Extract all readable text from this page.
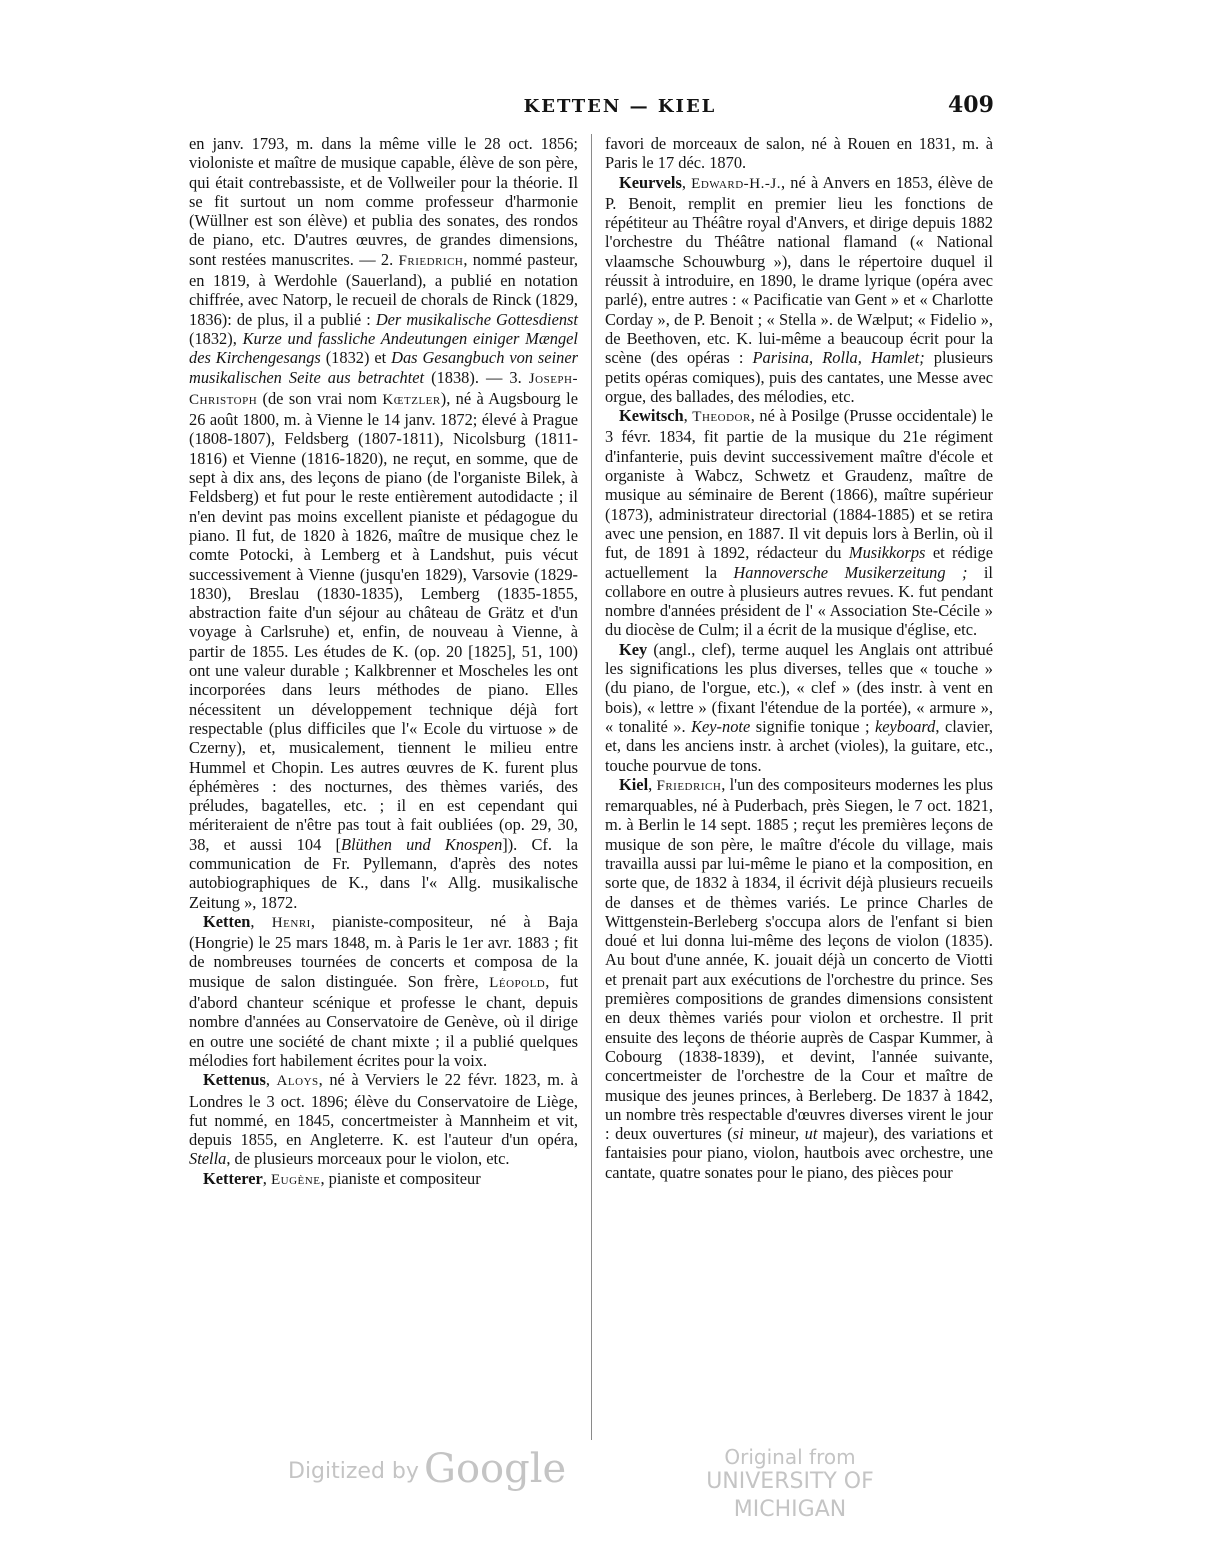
KETTEN — KIEL	409

en janv. 1793, m. dans la même ville le 28 oct. 1856; violoniste et maître de musique capable, élève de son père, qui était contrebassiste, et de Vollweiler pour la théorie. Il se fit surtout un nom comme professeur d'harmonie (Wüllner est son élève) et publia des sonates, des rondos de piano, etc. D'autres œuvres, de grandes dimensions, sont restées manuscrites. — 2. Friedrich, nommé pasteur, en 1819, à Werdohle (Sauerland), a publié en notation chiffrée, avec Natorp, le recueil de chorals de Rinck (1829, 1836): de plus, il a publié : Der musikalische Gottesdienst (1832), Kurze und fassliche Andeutungen einiger Mængel des Kirchengesangs (1832) et Das Gesangbuch von seiner musikalischen Seite aus betrachtet (1838). — 3. Joseph-Christoph (de son vrai nom Kœtzler), né à Augsbourg le 26 août 1800, m. à Vienne le 14 janv. 1872; élevé à Prague (1808-1807), Feldsberg (1807-1811), Nicolsburg (1811-1816) et Vienne (1816-1820), ne reçut, en somme, que de sept à dix ans, des leçons de piano (de l'organiste Bilek, à Feldsberg) et fut pour le reste entièrement autodidacte ; il n'en devint pas moins excellent pianiste et pédagogue du piano. Il fut, de 1820 à 1826, maître de musique chez le comte Potocki, à Lemberg et à Landshut, puis vécut successivement à Vienne (jusqu'en 1829), Varsovie (1829-1830), Breslau (1830-1835), Lemberg (1835-1855, abstraction faite d'un séjour au château de Grätz et d'un voyage à Carlsruhe) et, enfin, de nouveau à Vienne, à partir de 1855. Les études de K. (op. 20 [1825], 51, 100) ont une valeur durable ; Kalkbrenner et Moscheles les ont incorporées dans leurs méthodes de piano. Elles nécessitent un développement technique déjà fort respectable (plus difficiles que l'« Ecole du virtuose » de Czerny), et, musicalement, tiennent le milieu entre Hummel et Chopin. Les autres œuvres de K. furent plus éphémères : des nocturnes, des thèmes variés, des préludes, bagatelles, etc. ; il en est cependant qui mériteraient de n'être pas tout à fait oubliées (op. 29, 30, 38, et aussi 104 [Blüthen und Knospen]). Cf. la communication de Fr. Pyllemann, d'après des notes autobiographiques de K., dans l'« Allg. musikalische Zeitung », 1872.

Ketten, Henri, pianiste-compositeur, né à Baja (Hongrie) le 25 mars 1848, m. à Paris le 1er avr. 1883 ; fit de nombreuses tournées de concerts et composa de la musique de salon distinguée. Son frère, Léopold, fut d'abord chanteur scénique et professe le chant, depuis nombre d'années au Conservatoire de Genève, où il dirige en outre une société de chant mixte ; il a publié quelques mélodies fort habilement écrites pour la voix.

Kettenus, Aloys, né à Verviers le 22 févr. 1823, m. à Londres le 3 oct. 1896; élève du Conservatoire de Liège, fut nommé, en 1845, concertmeister à Mannheim et vit, depuis 1855, en Angleterre. K. est l'auteur d'un opéra, Stella, de plusieurs morceaux pour le violon, etc.

Ketterer, Eugène, pianiste et compositeur

favori de morceaux de salon, né à Rouen en 1831, m. à Paris le 17 déc. 1870.

Keurvels, Edward-H.-J., né à Anvers en 1853, élève de P. Benoit, remplit en premier lieu les fonctions de répétiteur au Théâtre royal d'Anvers, et dirige depuis 1882 l'orchestre du Théâtre national flamand (« National vlaamsche Schouwburg »), dans le répertoire duquel il réussit à introduire, en 1890, le drame lyrique (opéra avec parlé), entre autres : « Pacificatie van Gent » et « Charlotte Corday », de P. Benoit ; « Stella ». de Wælput; « Fidelio », de Beethoven, etc. K. lui-même a beaucoup écrit pour la scène (des opéras : Parisina, Rolla, Hamlet; plusieurs petits opéras comiques), puis des cantates, une Messe avec orgue, des ballades, des mélodies, etc.

Kewitsch, Theodor, né à Posilge (Prusse occidentale) le 3 févr. 1834, fit partie de la musique du 21e régiment d'infanterie, puis devint successivement maître d'école et organiste à Wabcz, Schwetz et Graudenz, maître de musique au séminaire de Berent (1866), maître supérieur (1873), administrateur directorial (1884-1885) et se retira avec une pension, en 1887. Il vit depuis lors à Berlin, où il fut, de 1891 à 1892, rédacteur du Musikkorps et rédige actuellement la Hannoversche Musikerzeitung ; il collabore en outre à plusieurs autres revues. K. fut pendant nombre d'années président de l' « Association Ste-Cécile » du diocèse de Culm; il a écrit de la musique d'église, etc.

Key (angl., clef), terme auquel les Anglais ont attribué les significations les plus diverses, telles que « touche » (du piano, de l'orgue, etc.), « clef » (des instr. à vent en bois), « lettre » (fixant l'étendue de la portée), « armure », « tonalité ». Key-note signifie tonique ; keyboard, clavier, et, dans les anciens instr. à archet (violes), la guitare, etc., touche pourvue de tons.

Kiel, Friedrich, l'un des compositeurs modernes les plus remarquables, né à Puderbach, près Siegen, le 7 oct. 1821, m. à Berlin le 14 sept. 1885 ; reçut les premières leçons de musique de son père, le maître d'école du village, mais travailla aussi par lui-même le piano et la composition, en sorte que, de 1832 à 1834, il écrivit déjà plusieurs recueils de danses et de thèmes variés. Le prince Charles de Wittgenstein-Berleberg s'occupa alors de l'enfant si bien doué et lui donna lui-même des leçons de violon (1835). Au bout d'une année, K. jouait déjà un concerto de Viotti et prenait part aux exécutions de l'orchestre du prince. Ses premières compositions de grandes dimensions consistent en deux thèmes variés pour violon et orchestre. Il prit ensuite des leçons de théorie auprès de Caspar Kummer, à Cobourg (1838-1839), et devint, l'année suivante, concertmeister de l'orchestre de la Cour et maître de musique des jeunes princes, à Berleberg. De 1837 à 1842, un nombre très respectable d'œuvres diverses virent le jour : deux ouvertures (si mineur, ut majeur), des variations et fantaisies pour piano, violon, hautbois avec orchestre, une cantate, quatre sonates pour le piano, des pièces pour

Digitized by Google	Original from
UNIVERSITY OF MICHIGAN
